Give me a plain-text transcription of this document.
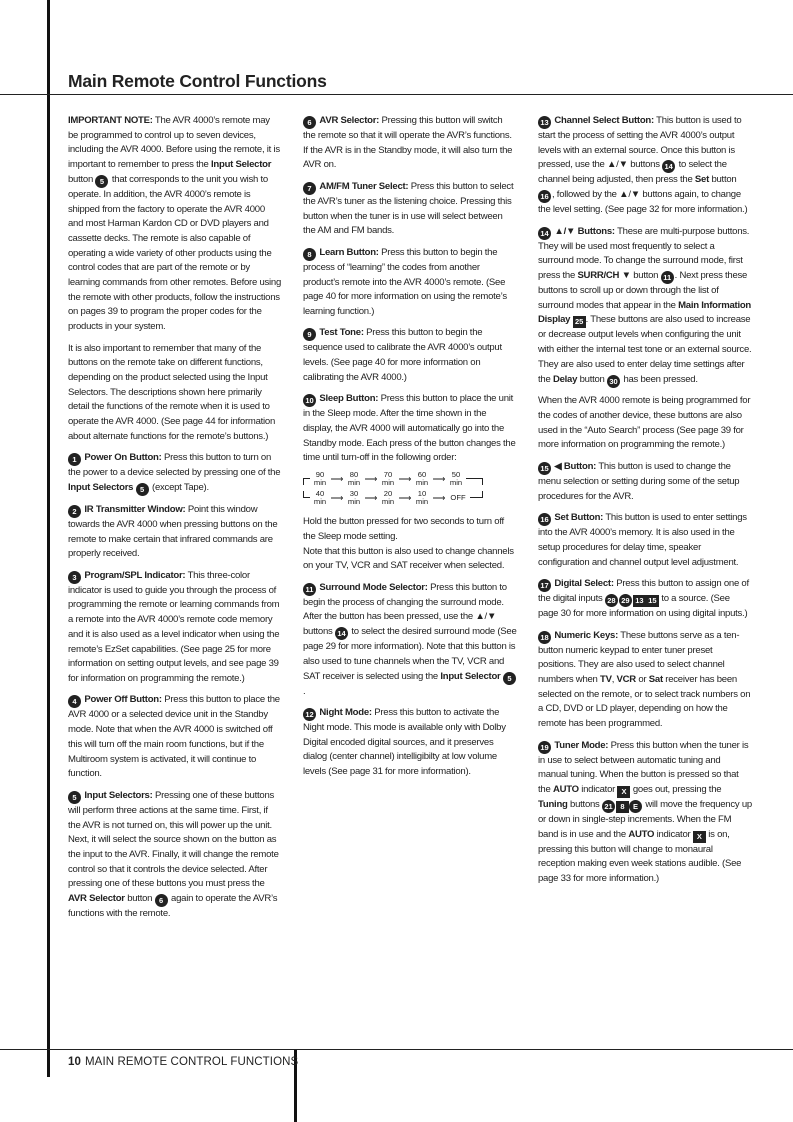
Main Remote Control Functions

IMPORTANT NOTE: The AVR 4000’s remote may be programmed to control up to seven devices, including the AVR 4000. Before using the remote, it is important to remember to press the Input Selector button 5 that corresponds to the unit you wish to operate. In addition, the AVR 4000’s remote is shipped from the factory to operate the AVR 4000 and most Harman Kardon CD or DVD players and cassette decks. The remote is also capable of operating a wide variety of other products using the control codes that are part of the remote or by learning commands from other remotes. Before using the remote with other products, follow the instructions on pages 39 to program the proper codes for the products in your system.

It is also important to remember that many of the buttons on the remote take on different functions, depending on the product selected using the Input Selectors. The descriptions shown here primarily detail the functions of the remote when it is used to operate the AVR 4000. (See page 44 for information about alternate functions for the remote’s buttons.)

1 Power On Button: Press this button to turn on the power to a device selected by pressing one of the Input Selectors 5 (except Tape).

2 IR Transmitter Window: Point this window towards the AVR 4000 when pressing buttons on the remote to make certain that infrared commands are properly received.

3 Program/SPL Indicator: This three-color indicator is used to guide you through the process of programming the remote or learning commands from a remote into the AVR 4000’s remote code memory and it is also used as a level indicator when using the remote’s EzSet capabilities. (See page 25 for more information on setting output levels, and see page 39 for information on programming the remote.)

4 Power Off Button: Press this button to place the AVR 4000 or a selected device unit in the Standby mode. Note that when the AVR 4000 is switched off this will turn off the main room functions, but if the Multiroom system is activated, it will continue to function.

5 Input Selectors: Pressing one of these buttons will perform three actions at the same time. First, if the AVR is not turned on, this will power up the unit. Next, it will select the source shown on the button as the input to the AVR. Finally, it will change the remote control so that it controls the device selected. After pressing one of these buttons you must press the AVR Selector button 6 again to operate the AVR’s functions with the remote.

6 AVR Selector: Pressing this button will switch the remote so that it will operate the AVR’s functions. If the AVR is in the Standby mode, it will also turn the AVR on.

7 AM/FM Tuner Select: Press this button to select the AVR’s tuner as the listening choice. Pressing this button when the tuner is in use will select between the AM and FM bands.

8 Learn Button: Press this button to begin the process of “learning” the codes from another product’s remote into the AVR 4000’s remote. (See page 40 for more information on using the remote’s learning function.)

9 Test Tone: Press this button to begin the sequence used to calibrate the AVR 4000’s output levels. (See page 40 for more information on calibrating the AVR 4000.)

10 Sleep Button: Press this button to place the unit in the Sleep mode. After the time shown in the display, the AVR 4000 will automatically go into the Standby mode. Each press of the button changes the time until turn-off in the following order:

90
min ⟶ 80
min ⟶ 70
min ⟶ 60
min ⟶ 50
min
40
min ⟶ 30
min ⟶ 20
min ⟶ 10
min ⟶ OFF

Hold the button pressed for two seconds to turn off the Sleep mode setting.

Note that this button is also used to change channels on your TV, VCR and SAT receiver when selected.

11 Surround Mode Selector: Press this button to begin the process of changing the surround mode. After the button has been pressed, use the ▲/▼ buttons 14 to select the desired surround mode (See page 29 for more information). Note that this button is also used to tune channels when the TV, VCR and SAT receiver is selected using the Input Selector 5.

12 Night Mode: Press this button to activate the Night mode. This mode is available only with Dolby Digital encoded digital sources, and it preserves dialog (center channel) intelligibilty at low volume levels (See page 31 for more information).

13 Channel Select Button: This button is used to start the process of setting the AVR 4000’s output levels with an external source. Once this button is pressed, use the ▲/▼ buttons 14 to select the channel being adjusted, then press the Set button 16 , followed by the ▲/▼ buttons again, to change the level setting. (See page 32 for more information.)

14 ▲/▼ Buttons: These are multi-purpose buttons. They will be used most frequently to select a surround mode. To change the surround mode, first press the SURR/CH ▼ button 11 . Next press these buttons to scroll up or down through the list of surround modes that appear in the Main Information Display 25 . These buttons are also used to increase or decrease output levels when configuring the unit with either the internal test tone or an external source. They are also used to enter delay time settings after the Delay button 30 has been pressed.

When the AVR 4000 remote is being programmed for the codes of another device, these buttons are also used in the “Auto Search” process (See page 39 for more information on programming the remote.)

15 ◀ Button: This button is used to change the menu selection or setting during some of the setup procedures for the AVR.

16 Set Button: This button is used to enter settings into the AVR 4000’s memory. It is also used in the setup procedures for delay time, speaker configuration and channel output level adjustment.

17 Digital Select: Press this button to assign one of the digital inputs 28 29 13 15 to a source. (See page 30 for more information on using digital inputs.)

18 Numeric Keys: These buttons serve as a ten-button numeric keypad to enter tuner preset positions. They are also used to select channel numbers when TV, VCR or Sat receiver has been selected on the remote, or to select track numbers on a CD, DVD or LD player, depending on how the remote has been programmed.

19 Tuner Mode: Press this button when the tuner is in use to select between automatic tuning and manual tuning. When the button is pressed so that the AUTO indicator X goes out, pressing the Tuning buttons 21 8 E will move the frequency up or down in single-step increments. When the FM band is in use and the AUTO indicator X is on, pressing this button will change to monaural reception making even week stations audible. (See page 33 for more information.)

10 MAIN REMOTE CONTROL FUNCTIONS
